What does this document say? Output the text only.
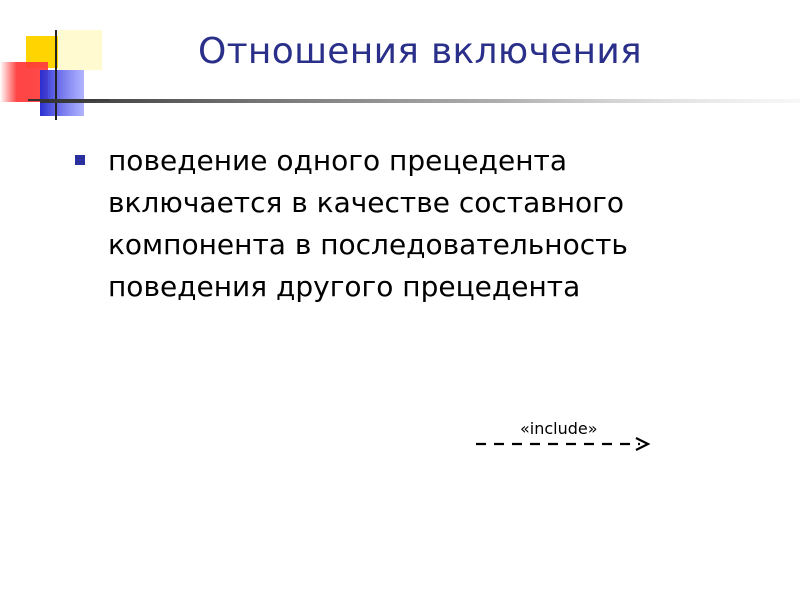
Отношения включения
поведение одного прецедента
включается в качестве составного
компонента в последовательность
поведения другого прецедента
«include»
